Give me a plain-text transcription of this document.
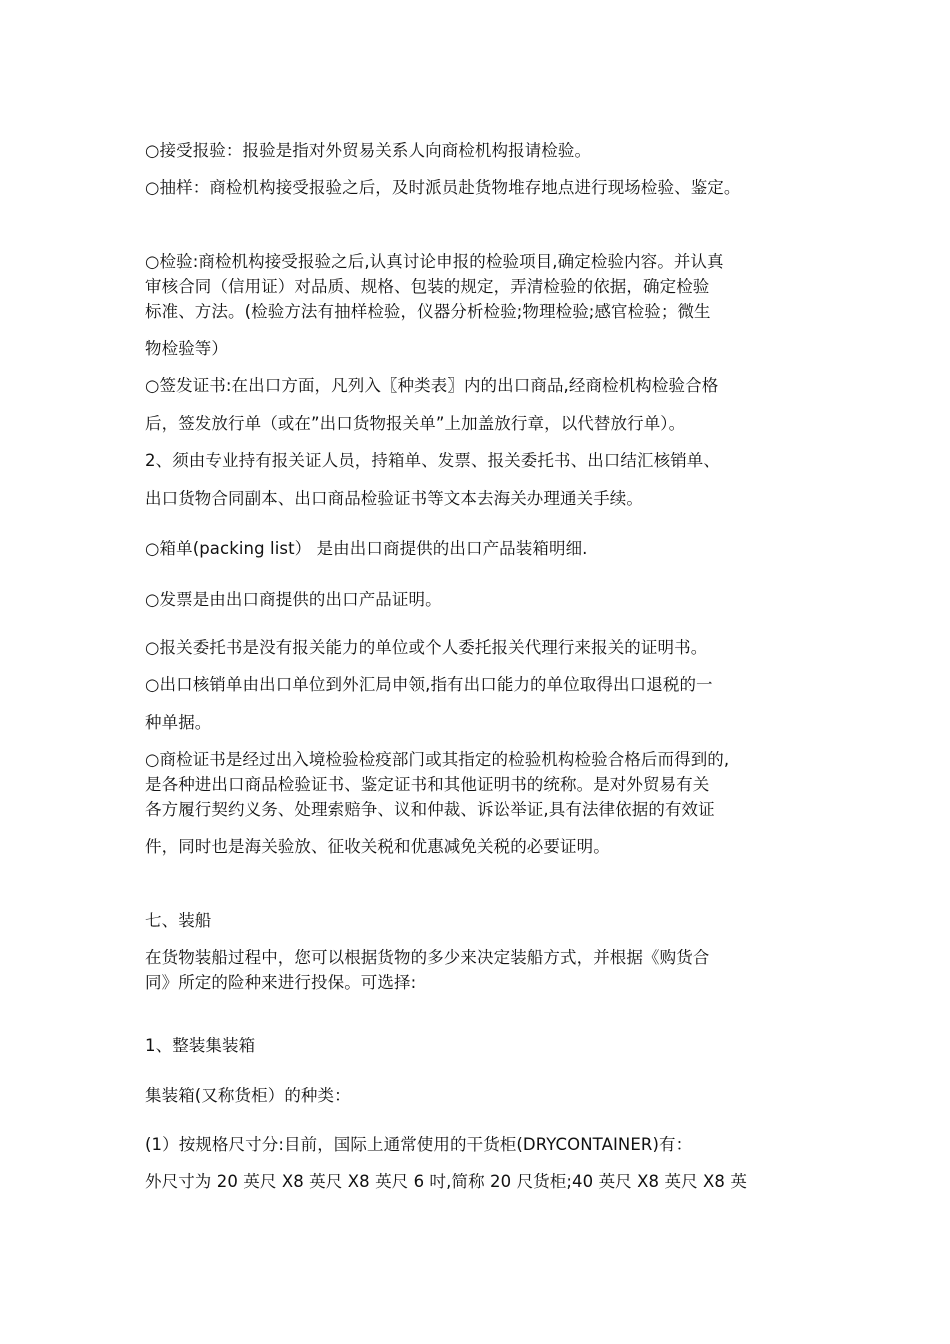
○接受报验：报验是指对外贸易关系人向商检机构报请检验。
○抽样：商检机构接受报验之后，及时派员赴货物堆存地点进行现场检验、鉴定。
○检验:商检机构接受报验之后,认真讨论申报的检验项目,确定检验内容。并认真
审核合同（信用证）对品质、规格、包装的规定，弄清检验的依据，确定检验
标准、方法。(检验方法有抽样检验，仪器分析检验;物理检验;感官检验；微生
物检验等）
○签发证书:在出口方面，凡列入〖种类表〗内的出口商品,经商检机构检验合格
后，签发放行单（或在”出口货物报关单”上加盖放行章，以代替放行单）。
2、须由专业持有报关证人员，持箱单、发票、报关委托书、出口结汇核销单、
出口货物合同副本、出口商品检验证书等文本去海关办理通关手续。
○箱单(packing list） 是由出口商提供的出口产品装箱明细.
○发票是由出口商提供的出口产品证明。
○报关委托书是没有报关能力的单位或个人委托报关代理行来报关的证明书。
○出口核销单由出口单位到外汇局申领,指有出口能力的单位取得出口退税的一
种单据。
○商检证书是经过出入境检验检疫部门或其指定的检验机构检验合格后而得到的,
是各种进出口商品检验证书、鉴定证书和其他证明书的统称。是对外贸易有关
各方履行契约义务、处理索赔争、议和仲裁、诉讼举证,具有法律依据的有效证
件，同时也是海关验放、征收关税和优惠减免关税的必要证明。
七、装船
在货物装船过程中，您可以根据货物的多少来决定装船方式，并根据《购货合
同》所定的险种来进行投保。可选择:
1、整装集装箱
集装箱(又称货柜）的种类：
(1）按规格尺寸分:目前，国际上通常使用的干货柜(DRYCONTAINER)有：
外尺寸为 20 英尺 X8 英尺 X8 英尺 6 吋,简称 20 尺货柜;40 英尺 X8 英尺 X8 英
